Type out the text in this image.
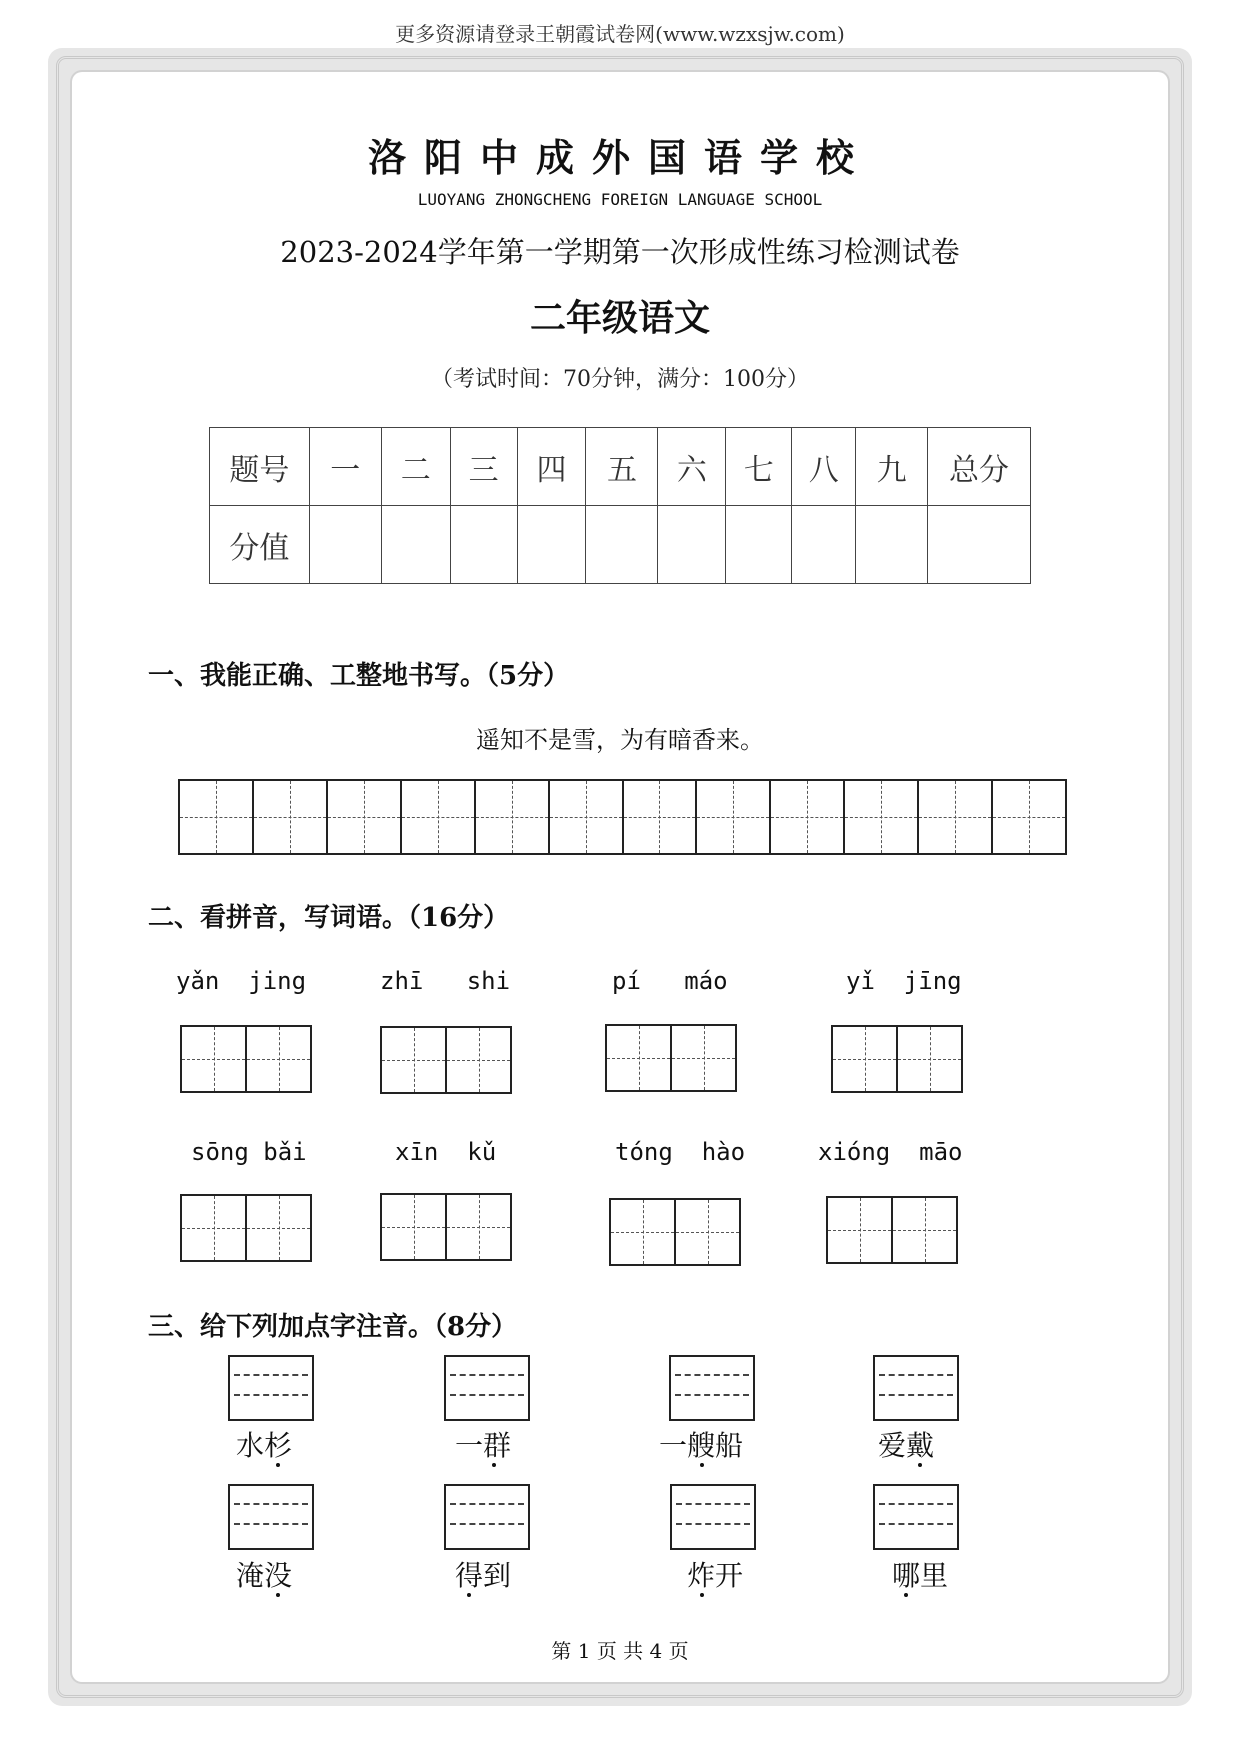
更多资源请登录王朝霞试卷网(www.wzxsjw.com)
洛阳中成外国语学校
LUOYANG ZHONGCHENG FOREIGN LANGUAGE SCHOOL
2023-2024学年第一学期第一次形成性练习检测试卷
二年级语文
（考试时间：70分钟，满分：100分）
题号	一	二	三	四	五	六	七	八	九	总分
分值										
一、我能正确、工整地书写。（5分）
遥知不是雪，为有暗香来。
二、看拼音，写词语。（16分）
yǎn  jing	zhī   shi	pí   máo	yǐ  jīng
sōng bǎi	xīn  kǔ	tóng  hào	xióng  māo
三、给下列加点字注音。（8分）
水杉	一群	一艘船	爱戴
淹没	得到	炸开	哪里
第 1 页 共 4 页
